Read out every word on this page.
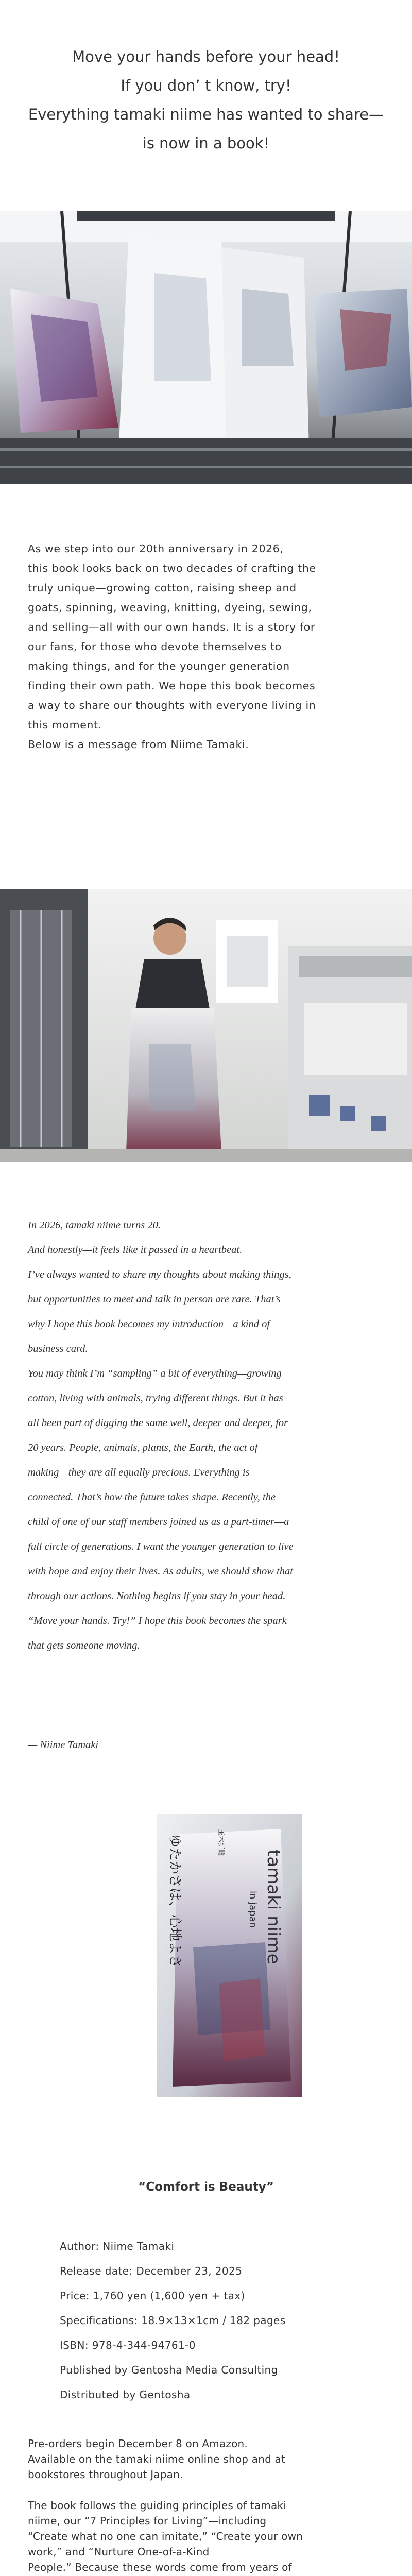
Move your hands before your head!
If you don’ t know, try!
Everything tamaki niime has wanted to share—
is now in a book!

As we step into our 20th anniversary in 2026,

this book looks back on two decades of crafting the

truly unique—growing cotton, raising sheep and

goats, spinning, weaving, knitting, dyeing, sewing,

and selling—all with our own hands. It is a story for

our fans, for those who devote themselves to

making things, and for the younger generation

finding their own path. We hope this book becomes

a way to share our thoughts with everyone living in

this moment.

Below is a message from Niime Tamaki.

In 2026, tamaki niime turns 20.

And honestly—it feels like it passed in a heartbeat.

I’ve always wanted to share my thoughts about making things,

but opportunities to meet and talk in person are rare. That’s

why I hope this book becomes my introduction—a kind of

business card.

You may think I’m “sampling” a bit of everything—growing

cotton, living with animals, trying different things. But it has

all been part of digging the same well, deeper and deeper, for

20 years. People, animals, plants, the Earth, the act of

making—they are all equally precious. Everything is

connected. That’s how the future takes shape. Recently, the

child of one of our staff members joined us as a part-timer—a

full circle of generations. I want the younger generation to live

with hope and enjoy their lives. As adults, we should show that

through our actions. Nothing begins if you stay in your head.

“Move your hands. Try!” I hope this book becomes the spark

that gets someone moving.

— Niime Tamaki
tamaki niime
in japan
ゆたかさは、心地よさ	玉木新雌
“Comfort is Beauty”

Author: Niime Tamaki

Release date: December 23, 2025

Price: 1,760 yen (1,600 yen + tax)

Specifications: 18.9×13×1cm / 182 pages

ISBN: 978-4-344-94761-0

Published by Gentosha Media Consulting

Distributed by Gentosha

Pre-orders begin December 8 on Amazon.

Available on the tamaki niime online shop and at

bookstores throughout Japan.

The book follows the guiding principles of tamaki

niime, our “7 Principles for Living”—including

“Create what no one can imitate,” “Create your own

work,” and “Nurture One-of-a-Kind

People.” Because these words come from years of
